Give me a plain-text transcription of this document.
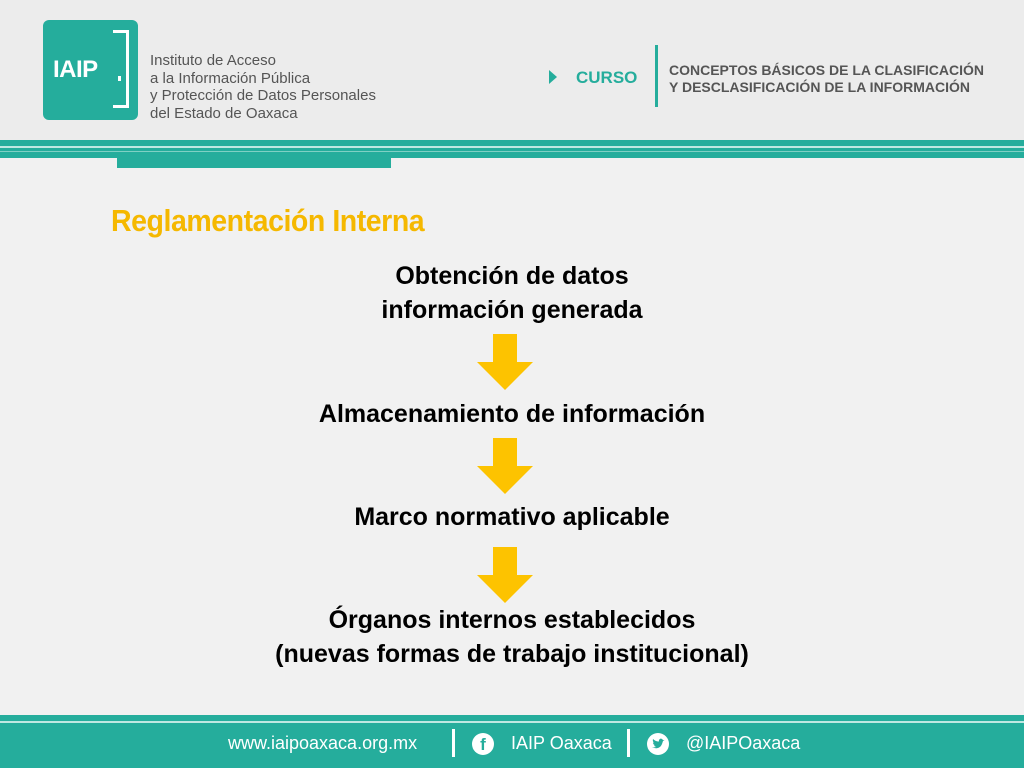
IAIP	Instituto de Acceso
a la Información Pública
y Protección de Datos Personales
del Estado de Oaxaca
CURSO CONCEPTOS BÁSICOS DE LA CLASIFICACIÓN
Y DESCLASIFICACIÓN DE LA INFORMACIÓN
Reglamentación Interna
Obtención de datos
información generada
Almacenamiento de información
Marco normativo aplicable
Órganos internos establecidos
(nuevas formas de trabajo institucional)
www.iaipoaxaca.org.mx	f	IAIP Oaxaca	@IAIPOaxaca
